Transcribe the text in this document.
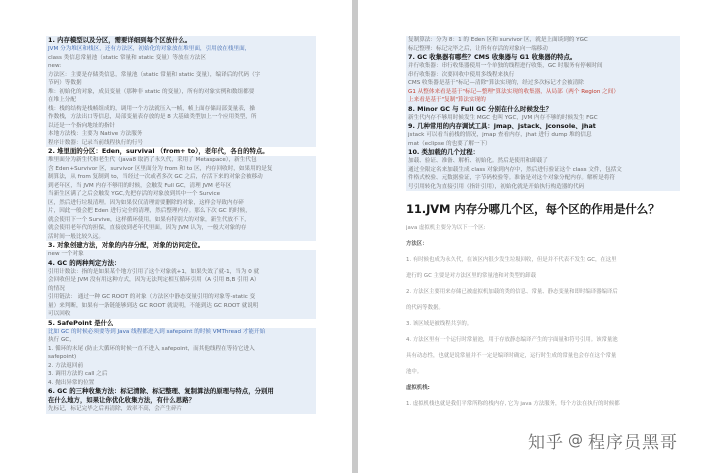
1. 内存模型以及分区，需要详细到每个区放什么。
JVM 分为堆区和栈区，还有方法区，初始化的对象放在堆里面，引用放在栈里面，
class 类信息常量池（static 常量和 static 变量）等放在方法区
new:
方法区：主要是存储类信息，常量池（static 常量和 static 变量），编译后的代码（字
节码）等数据
堆：初始化的对象，成员变量（那种非 static 的变量），所有的对象实例和数组都要
在堆上分配
栈：栈的结构是栈帧组成的，调用一个方法就压入一帧，帧上面存储局部变量表，操
作数栈，方法出口等信息，局部变量表存放的是 8 大基础类型加上一个应用类型，所
以还是一个指向地址的指针
本地方法栈：主要为 Native 方法服务
程序计数器：记录当前线程执行的行号
2. 堆里面的分区：Eden，survival （from+ to），老年代，各自的特点。
堆里面分为新生代和老生代（java8 取消了永久代，采用了 Metaspace），新生代包
含 Eden+Survivor 区，survivor 区里面分为 from 和 to 区，内存回收时，如果用的是复
制算法，从 from 复制到 to，当经过一次或者多次 GC 之后，存活下来的对象会被移动
到老年区，当 JVM 内存不够用的时候，会触发 Full GC，清理 JVM 老年区
当新生区满了之后会触发 YGC,先把存活的对象放到其中一个 Survice
区，然后进行垃圾清理。因为如果仅仅清理需要删除的对象，这样会导致内存碎
片，因此一般会把 Eden 进行完全的清理，然后整理内存。那么下次 GC 的时候，
就会使用下一个 Survive，这样循环使用。如果有特别大的对象，新生代放不下，
就会使用老年代的担保，直接放到老年代里面。因为 JVM 认为，一般大对象的存
活时间一般比较久远。
3. 对象创建方法，对象的内存分配，对象的访问定位。
new 一个对象
4. GC 的两种判定方法：
引用计数法：指的是如果某个地方引用了这个对象就+1，如果失效了就-1，当为 0 就
会回收但是 JVM 没有用这种方式，因为无法判定相互循环引用（A 引用 B,B 引用 A）
的情况
引用链法： 通过一种 GC ROOT 的对象（方法区中静态变量引用的对象等-static 变
量）来判断，如果有一条链能够到达 GC ROOT 就说明，不能到达 GC ROOT 就说明
可以回收
5. SafePoint 是什么
比如 GC 的时候必须要等到 Java 线程都进入到 safepoint 的时候 VMThread 才能开始
执行 GC，
1. 循环的末尾 (防止大循环的时候一直不进入 safepoint，而其他线程在等待它进入
safepoint)
2. 方法返回前
3. 调用方法的 call 之后
4. 抛出异常的位置
6. GC 的三种收集方法：标记清除、标记整理、复制算法的原理与特点，分别用
在什么地方，如果让你优化收集方法，有什么思路？
先标记，标记完毕之后再清除，效率不高，会产生碎片
复制算法：分为 8：1 的 Eden 区和 survivor 区，就是上面谈到的 YGC
标记整理：标记完毕之后，让所有存活的对象向一端移动
7. GC 收集器有哪些？CMS 收集器与 G1 收集器的特点。
并行收集器：串行收集器使用一个单独的线程进行收集，GC 时服务有停顿时间
串行收集器：次要回收中使用多线程来执行
CMS 收集器是基于"标记—清除"算法实现的，经过多次标记才会被清除
G1 从整体来看是基于"标记—整理"算法实现的收集器，从局部（两个 Region 之间）
上来看是基于"复制"算法实现的
8. Minor GC 与 Full GC 分别在什么时候发生？
新生代内存不够用时候发生 MGC 也叫 YGC，JVM 内存不够的时候发生 FGC
9. 几种常用的内存调试工具：jmap、jstack、jconsole、jhat
jstack 可以看当前栈的情况，jmap 查看内存，jhat 进行 dump 堆的信息
mat（eclipse 的也要了解一下）
10. 类加载的几个过程：
加载、验证、准备、解析、初始化。然后是使用和卸载了
通过全限定名来加载生成 class 对象到内存中，然后进行验证这个 class 文件，包括文
件格式校验、元数据验证，字节码校验等。准备是对这个对象分配内存。解析是将符
号引用转化为直接引用（指针引用），初始化就是开始执行构造器的代码
11.JVM 内存分哪几个区，每个区的作用是什么？
java 虚拟机主要分为以下一个区:
方法区：
1. 有时候也成为永久代，在该区内很少发生垃圾回收，但是并不代表不发生 GC，在这里
进行的 GC 主要是对方法区里的常量池和对类型的卸载
2. 方法区主要用来存储已被虚拟机加载的类的信息、常量、静态变量和即时编译器编译后
的代码等数据。
3. 该区域是被线程共享的。
4. 方法区里有一个运行时常量池，用于存放静态编译产生的字面量和符号引用。该常量池
具有动态性，也就是说常量并不一定是编译时确定，运行时生成的常量也会存在这个常量
池中。
虚拟机栈:
1. 虚拟机栈也就是我们平常所称的栈内存, 它为 java 方法服务，每个方法在执行的时候都
知乎 @ 程序员黑哥
